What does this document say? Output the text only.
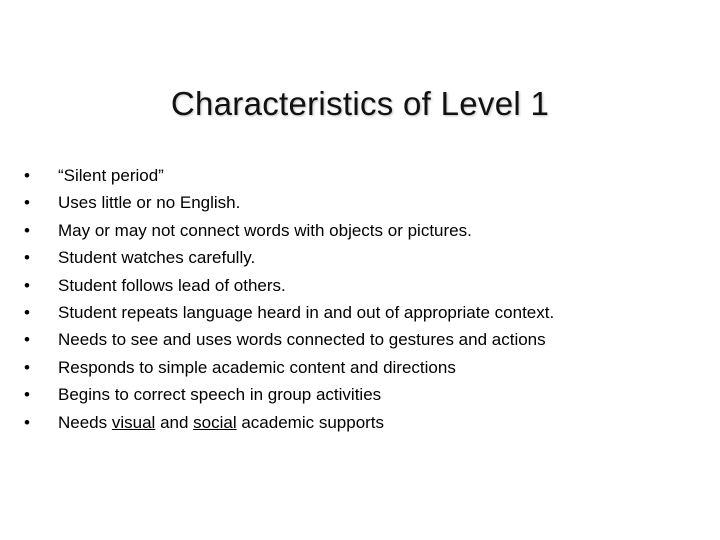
Characteristics of Level 1
• “Silent period”
• Uses little or no English.
• May or may not connect words with objects or pictures.
• Student watches carefully.
• Student follows lead of others.
• Student repeats language heard in and out of appropriate context.
• Needs to see and uses words connected to gestures and actions
• Responds to simple academic content and directions
• Begins to correct speech in group activities
• Needs visual and social academic supports
